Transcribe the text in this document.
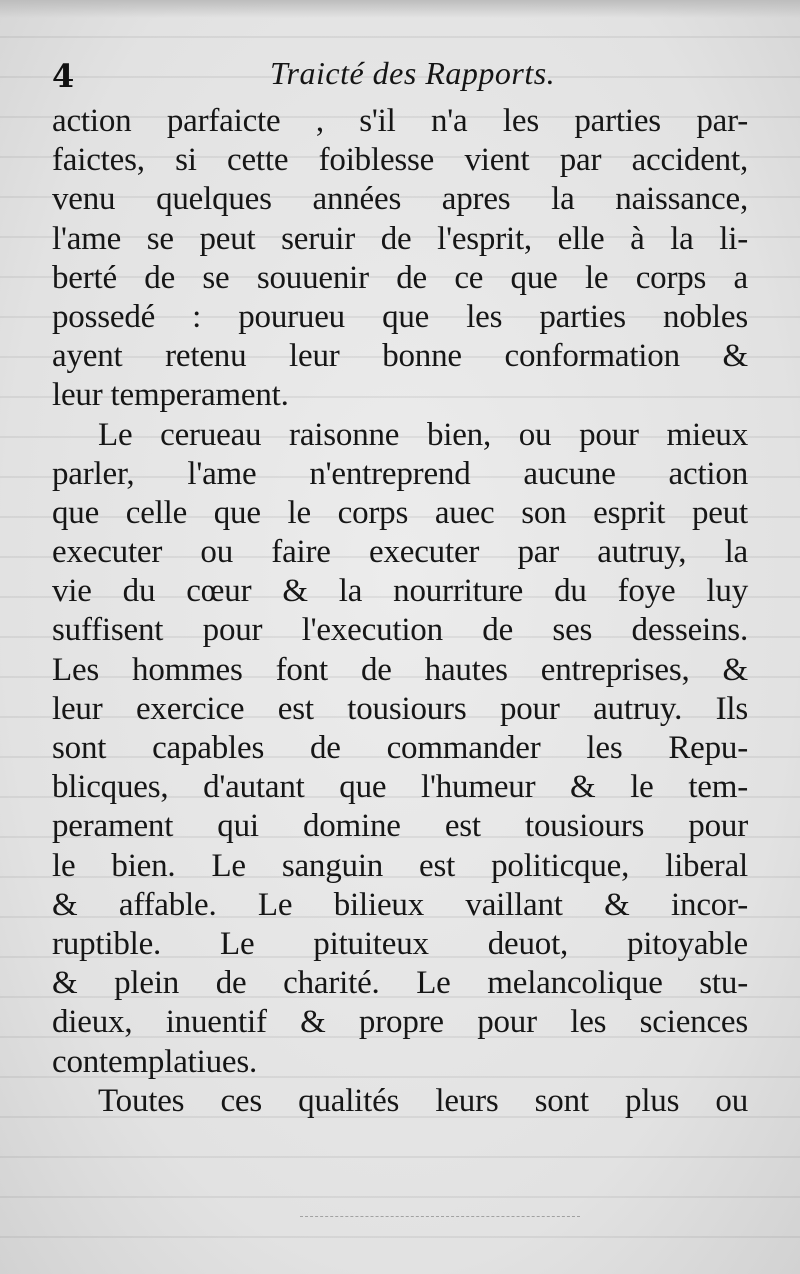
4	Traicté des Rapports.
action parfaicte , s'il n'a les parties par-
faictes, si cette foiblesse vient par accident,
venu quelques années apres la naissance,
l'ame se peut seruir de l'esprit, elle à la li-
berté de se souuenir de ce que le corps a
possedé : pourueu que les parties nobles
ayent retenu leur bonne conformation &
leur temperament.
Le cerueau raisonne bien, ou pour mieux
parler, l'ame n'entreprend aucune action
que celle que le corps auec son esprit peut
executer ou faire executer par autruy, la
vie du cœur & la nourriture du foye luy
suffisent pour l'execution de ses desseins.
Les hommes font de hautes entreprises, &
leur exercice est tousiours pour autruy. Ils
sont capables de commander les Repu-
blicques, d'autant que l'humeur & le tem-
perament qui domine est tousiours pour
le bien. Le sanguin est politicque, liberal
& affable. Le bilieux vaillant & incor-
ruptible. Le pituiteux deuot, pitoyable
& plein de charité. Le melancolique stu-
dieux, inuentif & propre pour les sciences
contemplatiues.
Toutes ces qualités leurs sont plus ou
